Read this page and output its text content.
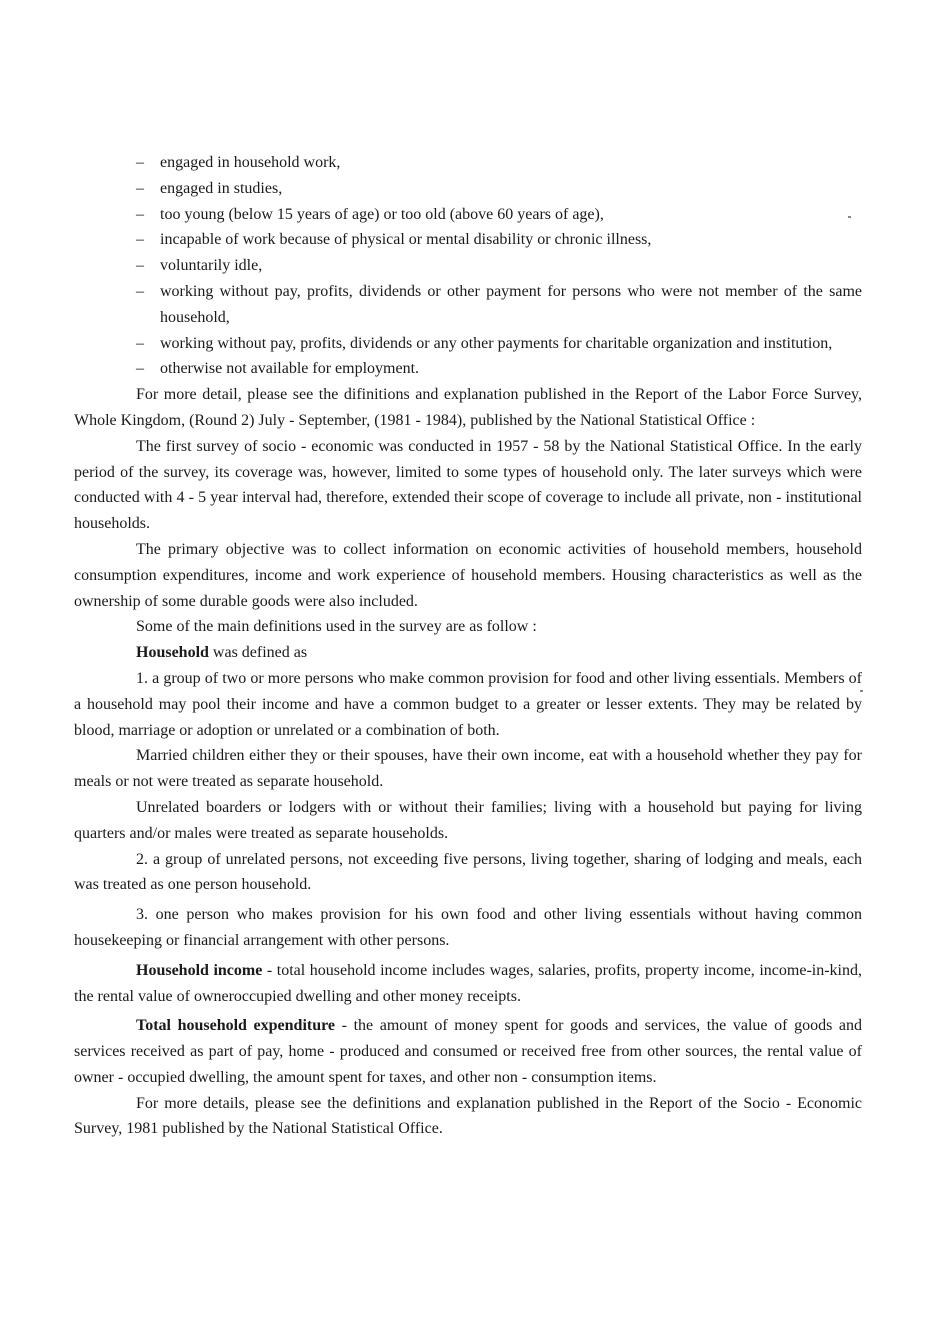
– engaged in household work,
– engaged in studies,
– too young (below 15 years of age) or too old (above 60 years of age),
– incapable of work because of physical or mental disability or chronic illness,
– voluntarily idle,
– working without pay, profits, dividends or other payment for persons who were not member of the same household,
– working without pay, profits, dividends or any other payments for charitable organization and institution,
– otherwise not available for employment.

For more detail, please see the difinitions and explanation published in the Report of the Labor Force Survey, Whole Kingdom, (Round 2) July - September, (1981 - 1984), published by the National Statistical Office :

The first survey of socio - economic was conducted in 1957 - 58 by the National Statistical Office. In the early period of the survey, its coverage was, however, limited to some types of household only. The later surveys which were conducted with 4 - 5 year interval had, therefore, extended their scope of coverage to include all private, non - institutional households.

The primary objective was to collect information on economic activities of household members, household consumption expenditures, income and work experience of household members. Housing characteristics as well as the ownership of some durable goods were also included.

Some of the main definitions used in the survey are as follow :

Household was defined as

1. a group of two or more persons who make common provision for food and other living essentials. Members of a household may pool their income and have a common budget to a greater or lesser extents. They may be related by blood, marriage or adoption or unrelated or a combination of both.

Married children either they or their spouses, have their own income, eat with a household whether they pay for meals or not were treated as separate household.

Unrelated boarders or lodgers with or without their families; living with a household but paying for living quarters and/or males were treated as separate households.

2. a group of unrelated persons, not exceeding five persons, living together, sharing of lodging and meals, each was treated as one person household.

3. one person who makes provision for his own food and other living essentials without having common housekeeping or financial arrangement with other persons.

Household income - total household income includes wages, salaries, profits, property income, income-in-kind, the rental value of owneroccupied dwelling and other money receipts.

Total household expenditure - the amount of money spent for goods and services, the value of goods and services received as part of pay, home - produced and consumed or received free from other sources, the rental value of owner - occupied dwelling, the amount spent for taxes, and other non - consumption items.

For more details, please see the definitions and explanation published in the Report of the Socio - Economic Survey, 1981 published by the National Statistical Office.
